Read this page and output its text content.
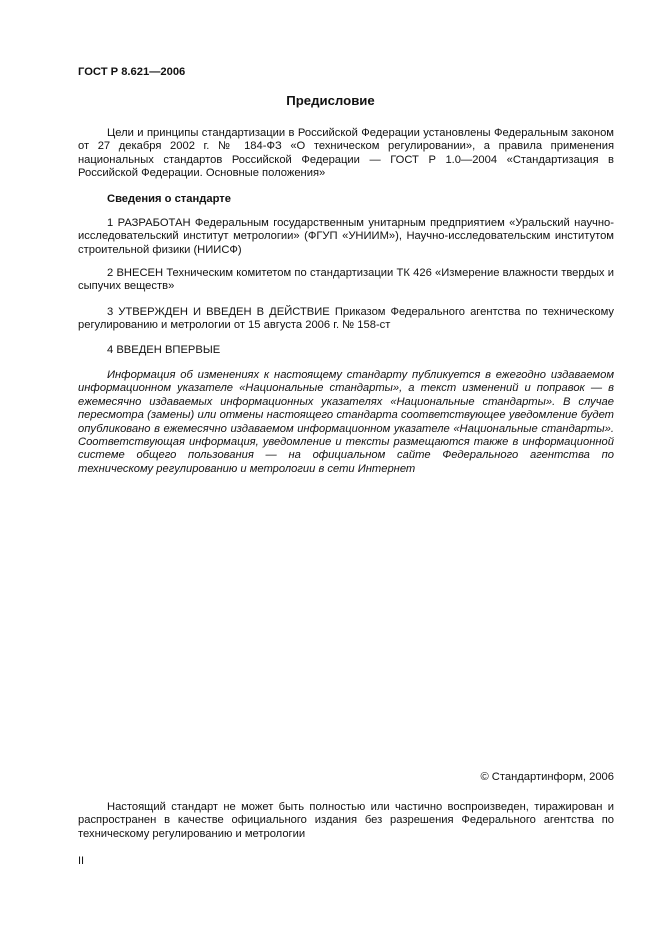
ГОСТ Р 8.621—2006
Предисловие

Цели и принципы стандартизации в Российской Федерации установлены Федеральным законом от 27 декабря 2002 г. № 184-ФЗ «О техническом регулировании», а правила применения национальных стандартов Российской Федерации — ГОСТ Р 1.0—2004 «Стандартизация в Российской Федерации. Основные положения»

Сведения о стандарте

1 РАЗРАБОТАН Федеральным государственным унитарным предприятием «Уральский научно-исследовательский институт метрологии» (ФГУП «УНИИМ»), Научно-исследовательским институтом строительной физики (НИИСФ)

2 ВНЕСЕН Техническим комитетом по стандартизации ТК 426 «Измерение влажности твердых и сыпучих веществ»

3 УТВЕРЖДЕН И ВВЕДЕН В ДЕЙСТВИЕ Приказом Федерального агентства по техническому регулированию и метрологии от 15 августа 2006 г. № 158-ст

4 ВВЕДЕН ВПЕРВЫЕ

Информация об изменениях к настоящему стандарту публикуется в ежегодно издаваемом информационном указателе «Национальные стандарты», а текст изменений и поправок — в ежемесячно издаваемых информационных указателях «Национальные стандарты». В случае пересмотра (замены) или отмены настоящего стандарта соответствующее уведомление будет опубликовано в ежемесячно издаваемом информационном указателе «Национальные стандарты». Соответствующая информация, уведомление и тексты размещаются также в информационной системе общего пользования — на официальном сайте Федерального агентства по техническому регулированию и метрологии в сети Интернет

© Стандартинформ, 2006

Настоящий стандарт не может быть полностью или частично воспроизведен, тиражирован и распространен в качестве официального издания без разрешения Федерального агентства по техническому регулированию и метрологии

II
